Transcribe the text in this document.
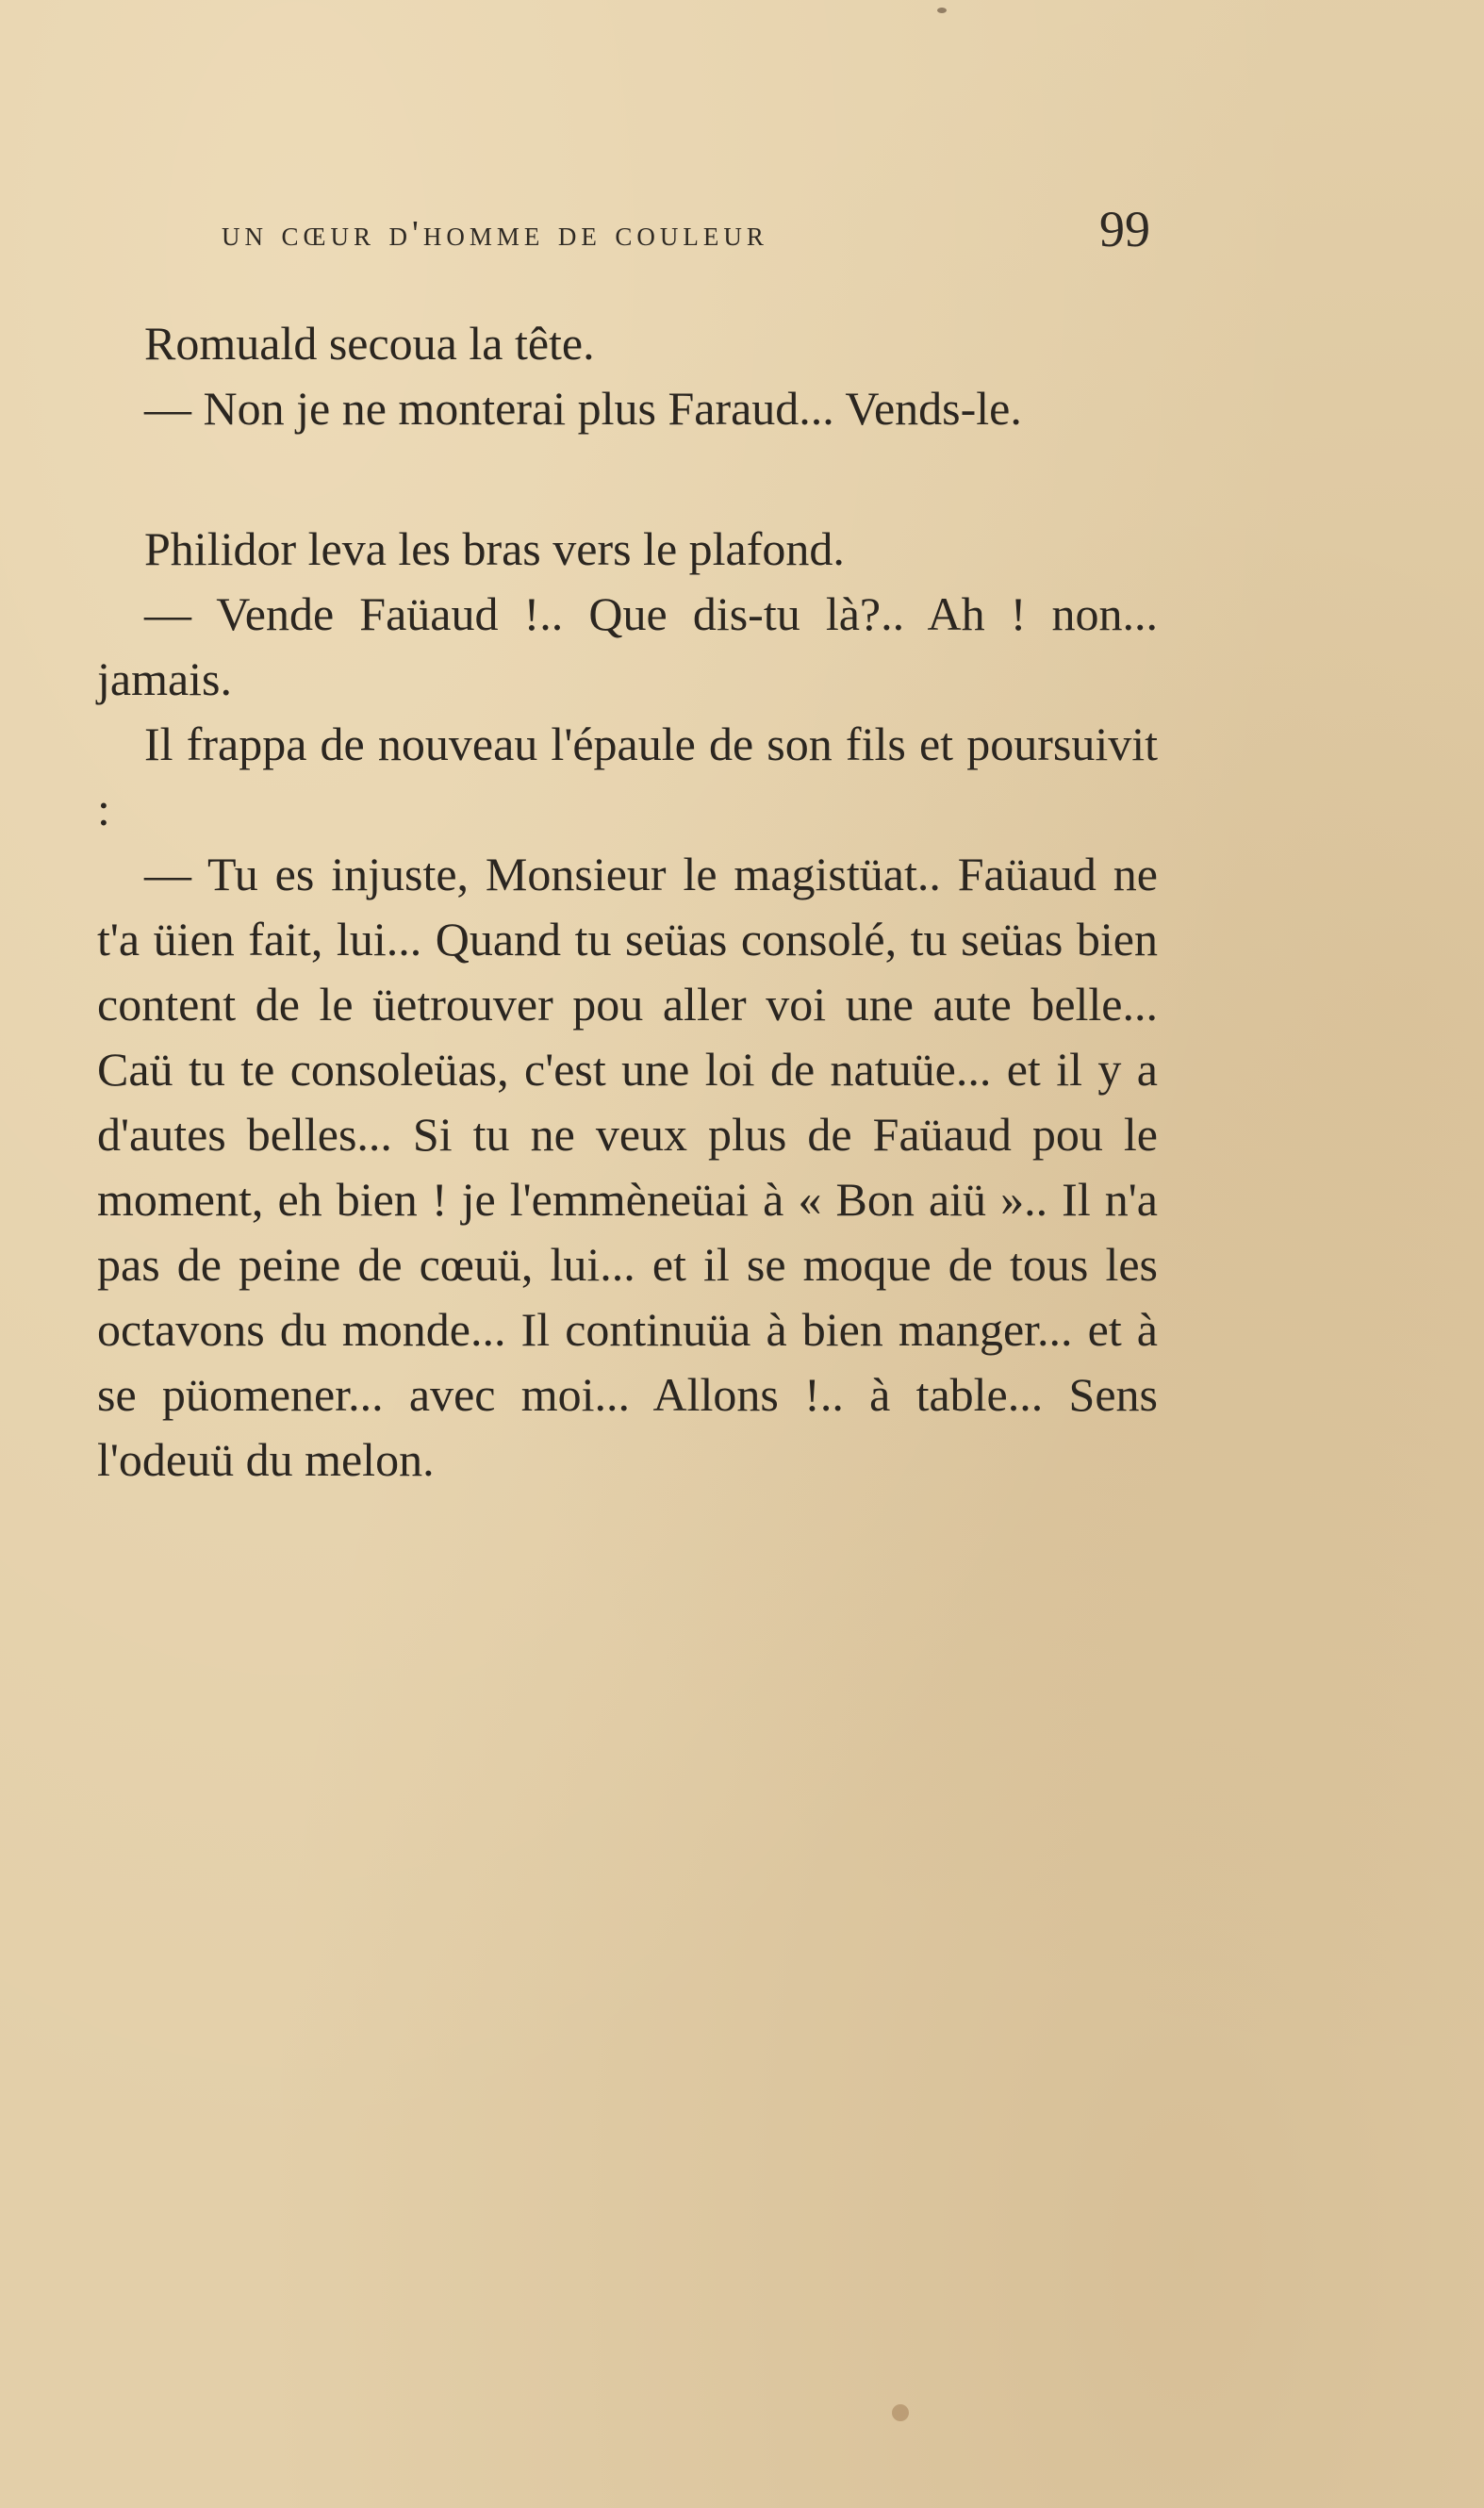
un cœur d'homme de couleur	99

Romuald secoua la tête.

— Non je ne monterai plus Faraud... Vends-le.

Philidor leva les bras vers le plafond.

— Vende Faüaud !.. Que dis-tu là?.. Ah ! non... jamais.

Il frappa de nouveau l'épaule de son fils et poursuivit :

— Tu es injuste, Monsieur le magistüat.. Faüaud ne t'a üien fait, lui... Quand tu seüas consolé, tu seüas bien content de le üetrouver pou aller voi une aute belle... Caü tu te consoleüas, c'est une loi de natuüe... et il y a d'autes belles... Si tu ne veux plus de Faüaud pou le moment, eh bien ! je l'emmèneüai à « Bon aiü ».. Il n'a pas de peine de cœuü, lui... et il se moque de tous les octavons du monde... Il continuüa à bien manger... et à se püomener... avec moi... Allons !.. à table... Sens l'odeuü du melon.
